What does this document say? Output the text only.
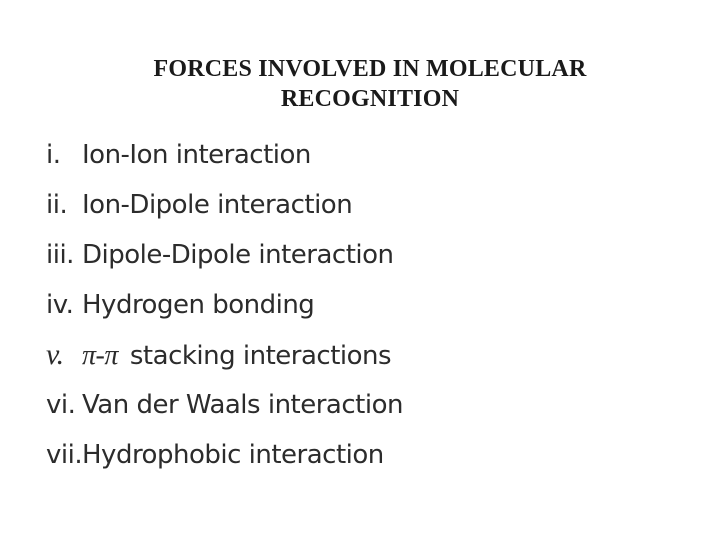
FORCES INVOLVED IN MOLECULAR
RECOGNITION
i. Ion-Ion interaction
ii. Ion-Dipole interaction
iii. Dipole-Dipole interaction
iv. Hydrogen bonding
v. π-π stacking interactions
vi. Van der Waals interaction
vii.Hydrophobic interaction
